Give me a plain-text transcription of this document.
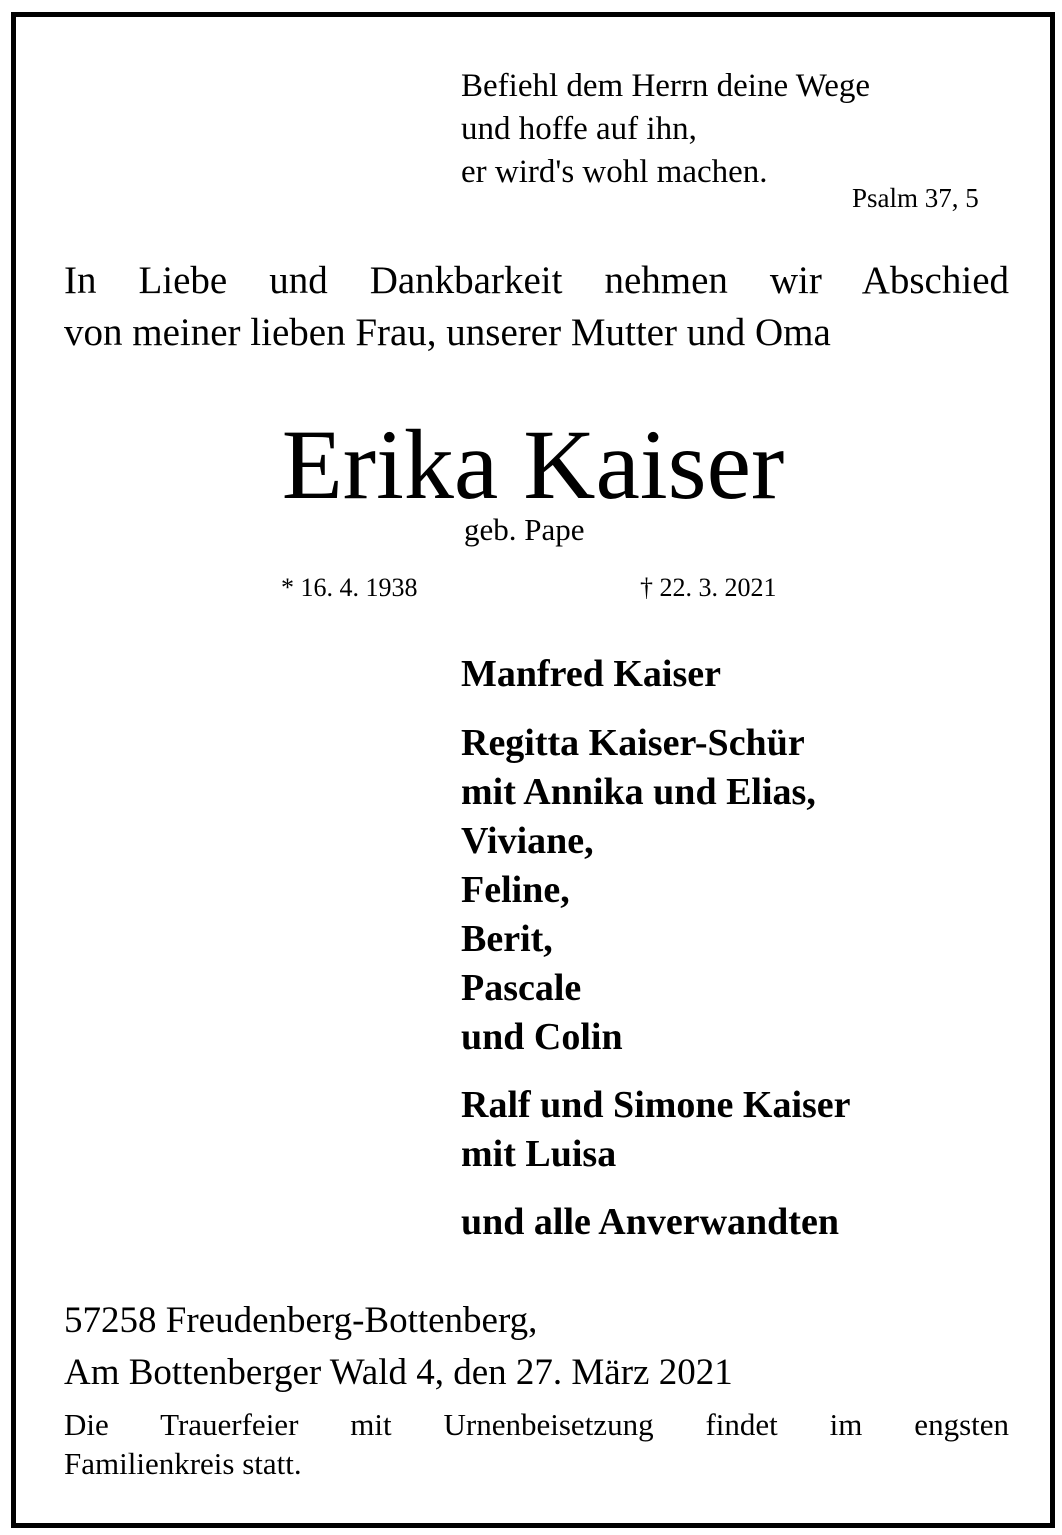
Befiehl dem Herrn deine Wege
und hoffe auf ihn,
er wird's wohl machen.
Psalm 37, 5
In Liebe und Dankbarkeit nehmen wir Abschied
von meiner lieben Frau, unserer Mutter und Oma
Erika Kaiser
geb. Pape
* 16. 4. 1938	† 22. 3. 2021
Manfred Kaiser
Regitta Kaiser-Schür
mit Annika und Elias,
Viviane,
Feline,
Berit,
Pascale
und Colin
Ralf und Simone Kaiser
mit Luisa
und alle Anverwandten
57258 Freudenberg-Bottenberg,
Am Bottenberger Wald 4, den 27. März 2021
Die Trauerfeier mit Urnenbeisetzung findet im engsten
Familienkreis statt.
